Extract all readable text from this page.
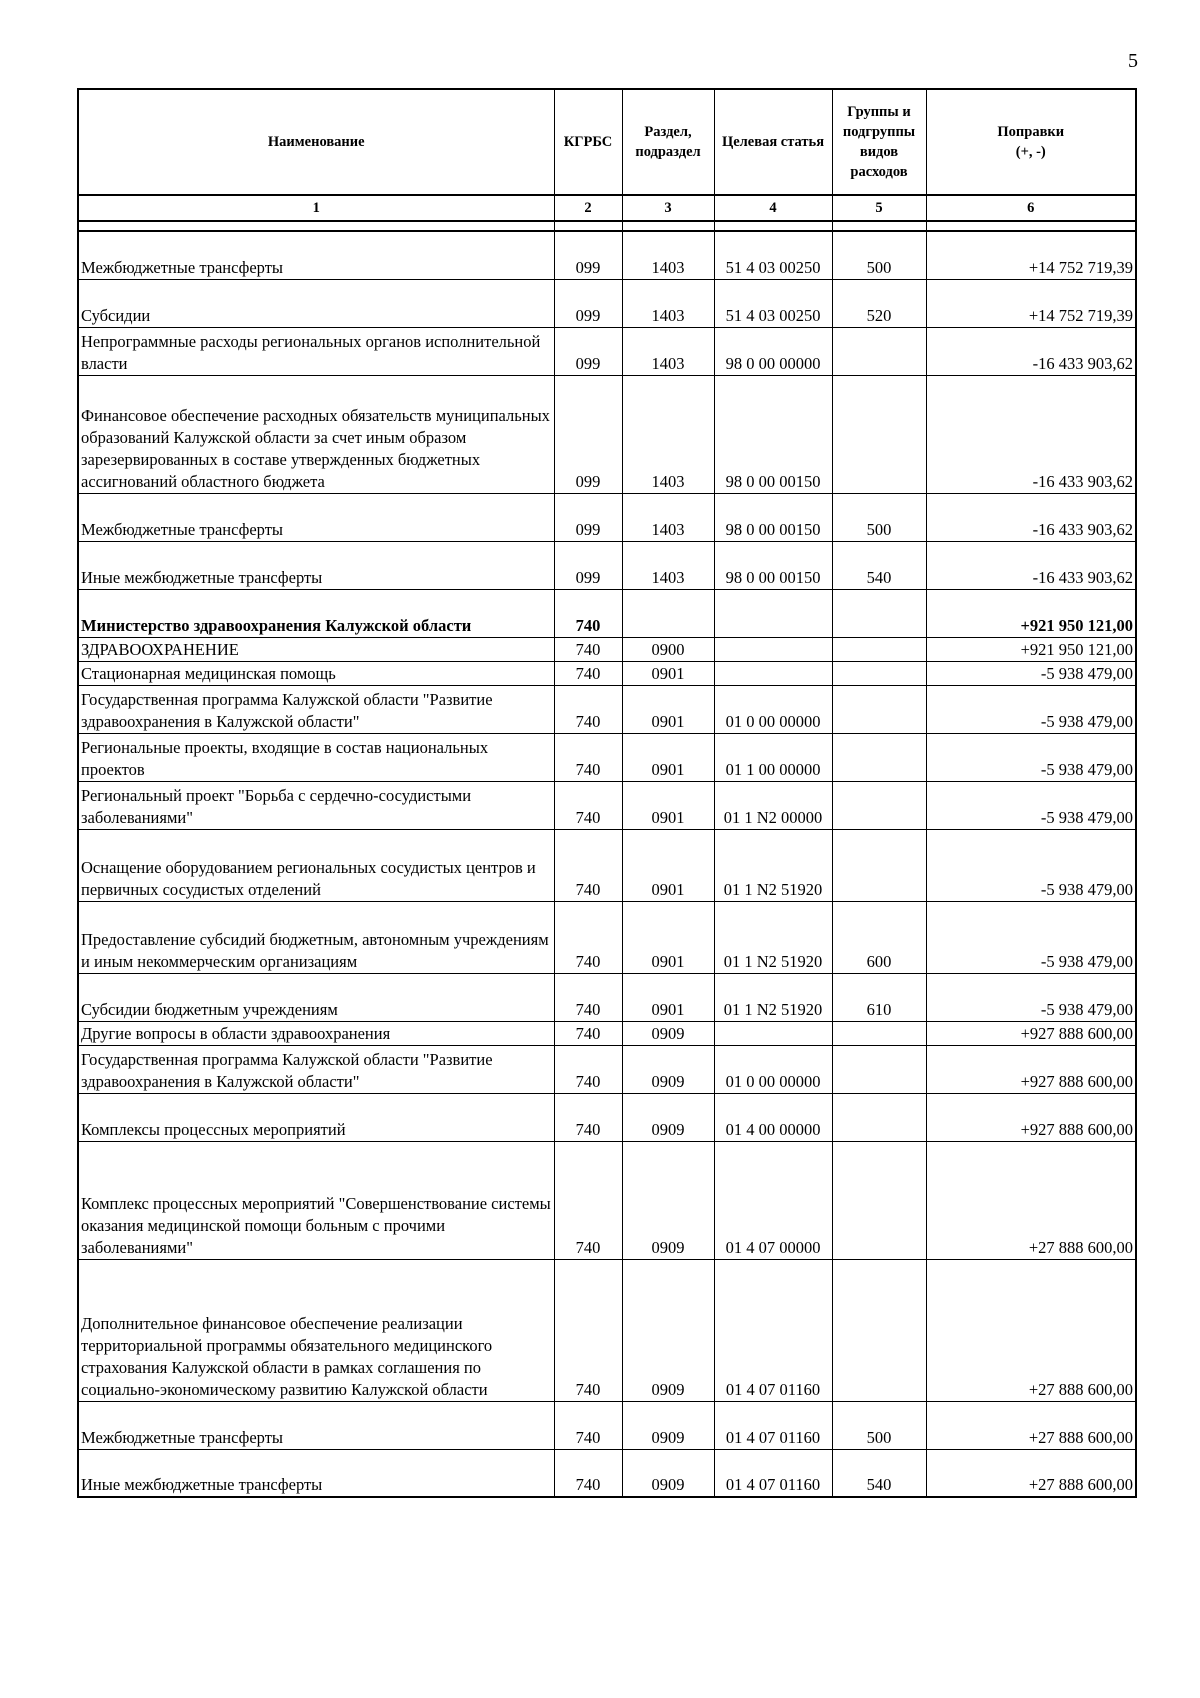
5
Наименование	КГРБС	Раздел, подраздел	Целевая статья	Группы и подгруппы видов расходов	Поправки
(+, -)
1	2	3	4	5	6

Межбюджетные трансферты	099	1403	51 4 03 00250	500	+14 752 719,39
Субсидии	099	1403	51 4 03 00250	520	+14 752 719,39
Непрограммные расходы региональных органов исполнительной власти	099	1403	98 0 00 00000		-16 433 903,62
Финансовое обеспечение расходных обязательств муниципальных образований Калужской области за счет иным образом зарезервированных в составе утвержденных бюджетных ассигнований областного бюджета	099	1403	98 0 00 00150		-16 433 903,62
Межбюджетные трансферты	099	1403	98 0 00 00150	500	-16 433 903,62
Иные межбюджетные трансферты	099	1403	98 0 00 00150	540	-16 433 903,62
Министерство здравоохранения Калужской области	740				+921 950 121,00
ЗДРАВООХРАНЕНИЕ	740	0900			+921 950 121,00
Стационарная медицинская помощь	740	0901			-5 938 479,00
Государственная программа Калужской области "Развитие здравоохранения в Калужской области"	740	0901	01 0 00 00000		-5 938 479,00
Региональные проекты, входящие в состав национальных проектов	740	0901	01 1 00 00000		-5 938 479,00
Региональный проект "Борьба с сердечно-сосудистыми заболеваниями"	740	0901	01 1 N2 00000		-5 938 479,00
Оснащение оборудованием региональных сосудистых центров и первичных сосудистых отделений	740	0901	01 1 N2 51920		-5 938 479,00
Предоставление субсидий бюджетным, автономным учреждениям и иным некоммерческим организациям	740	0901	01 1 N2 51920	600	-5 938 479,00
Субсидии бюджетным учреждениям	740	0901	01 1 N2 51920	610	-5 938 479,00
Другие вопросы в области здравоохранения	740	0909			+927 888 600,00
Государственная программа Калужской области "Развитие здравоохранения в Калужской области"	740	0909	01 0 00 00000		+927 888 600,00
Комплексы процессных мероприятий	740	0909	01 4 00 00000		+927 888 600,00
Комплекс процессных мероприятий "Совершенствование системы оказания медицинской помощи больным с прочими заболеваниями"	740	0909	01 4 07 00000		+27 888 600,00
Дополнительное финансовое обеспечение реализации территориальной программы обязательного медицинского страхования Калужской области в рамках соглашения по социально-экономическому развитию Калужской области	740	0909	01 4 07 01160		+27 888 600,00
Межбюджетные трансферты	740	0909	01 4 07 01160	500	+27 888 600,00
Иные межбюджетные трансферты	740	0909	01 4 07 01160	540	+27 888 600,00
